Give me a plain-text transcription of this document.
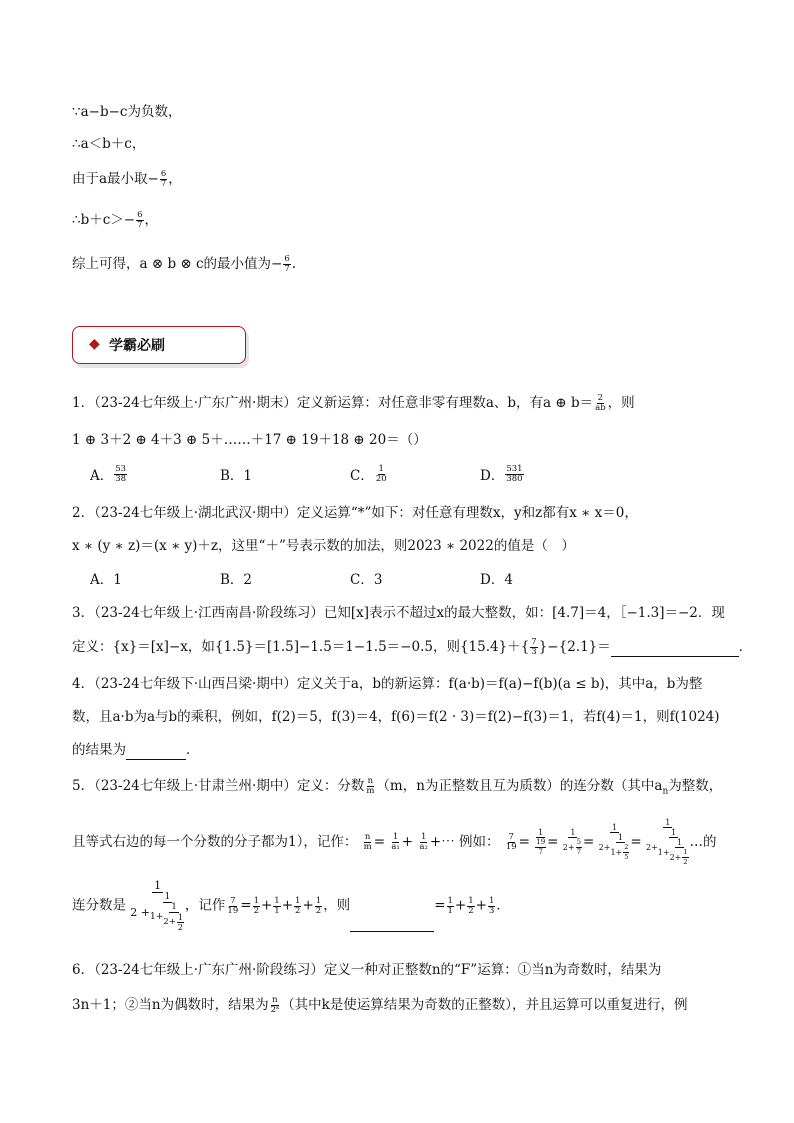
∵a−b−c为负数，
∴a＜b＋c，
由于a最小取− $\frac{6}{7}$ ，
∴b＋c＞− $\frac{6}{7}$ ，
综上可得，a ⊗ b ⊗ c的最小值为− $\frac{6}{7}$ .
◆ 学霸必刷
1．（23-24七年级上·广东广州·期末）定义新运算：对任意非零有理数a、b，有a ⊕ $b= \frac{2}{ab}$ ，则
1 ⊕ 3＋2 ⊕ 4＋3 ⊕ 5＋……＋17 ⊕ 19＋18 ⊕ 20＝（）
A． $\frac{53}{38}$	B．1	C． $\frac{1}{20}$	D． $\frac{531}{380}$
2．（23-24七年级上·湖北武汉·期中）定义运算“*”如下：对任意有理数x，y和z都有x ∗ x＝0，
x ∗ (y ∗ z)＝(x ∗ y)＋z，这里“＋”号表示数的加法，则2023 ∗ 2022的值是（　）
A．1	B．2	C．3	D．4
3．（23-24七年级上·江西南昌·阶段练习）已知[x]表示不超过x的最大整数，如：[4.7]＝4，［−1.3]＝−2．现
定义：{x}＝[x]−x，如{1.5}＝[1.5]−1.5＝1−1.5＝−0.5，则$\{15.4\}+\{ \frac{7}{3} \}-\{2.1\}=$	．
4．（23-24七年级下·山西吕梁·期中）定义关于a，b的新运算：f(a·b)＝f(a)−f(b)(a ≤ b)，其中a，b为整
数，且a·b为a与b的乘积，例如，f(2)＝5，f(3)＝4，f(6)＝f(2 · 3)＝f(2)−f(3)＝1，若f(4)＝1，则f(1024)
的结果为	．
5．（23-24七年级上·甘肃兰州·期中）定义：分数 $\frac{n}{m} (m$，n为正整数且互为质数）的连分数（其中$a_n$为整数，
且等式右边的每一个分数的分子都为1），记作： $\frac{n}{m} = \frac{1}{\text{a₁}} + \frac{1}{\text{a₂}}$ +⋯ 例如： $\frac{7}{19} = \frac{1}{\frac{19}{7}} = \frac{1}{2+ \frac{5}{7}} = \frac{1}{2+ \frac{1}{1+ \frac{2}{5}}} = \frac{1}{2+ \frac{1}{1+ \frac{1}{2+ \frac{1}{2}}}}$ …的
连分数是 $\frac{1}{2 + \frac{1}{1+ \frac{1}{2+ \frac{1}{2}}}}$ ，记作 $\frac{7}{19} = \frac{1}{2} + \frac{1}{1} + \frac{1}{2} + \frac{1}{2}$ ，则	= $\frac{1}{1} + \frac{1}{2} + \frac{1}{3}$ ．
6．（23-24七年级上·广东广州·阶段练习）定义一种对正整数n的“F”运算：①当n为奇数时，结果为
3n＋1；②当n为偶数时，结果为 $\frac{n}{\text{2ᵏ}}$ （其中k是使运算结果为奇数的正整数），并且运算可以重复进行，例
